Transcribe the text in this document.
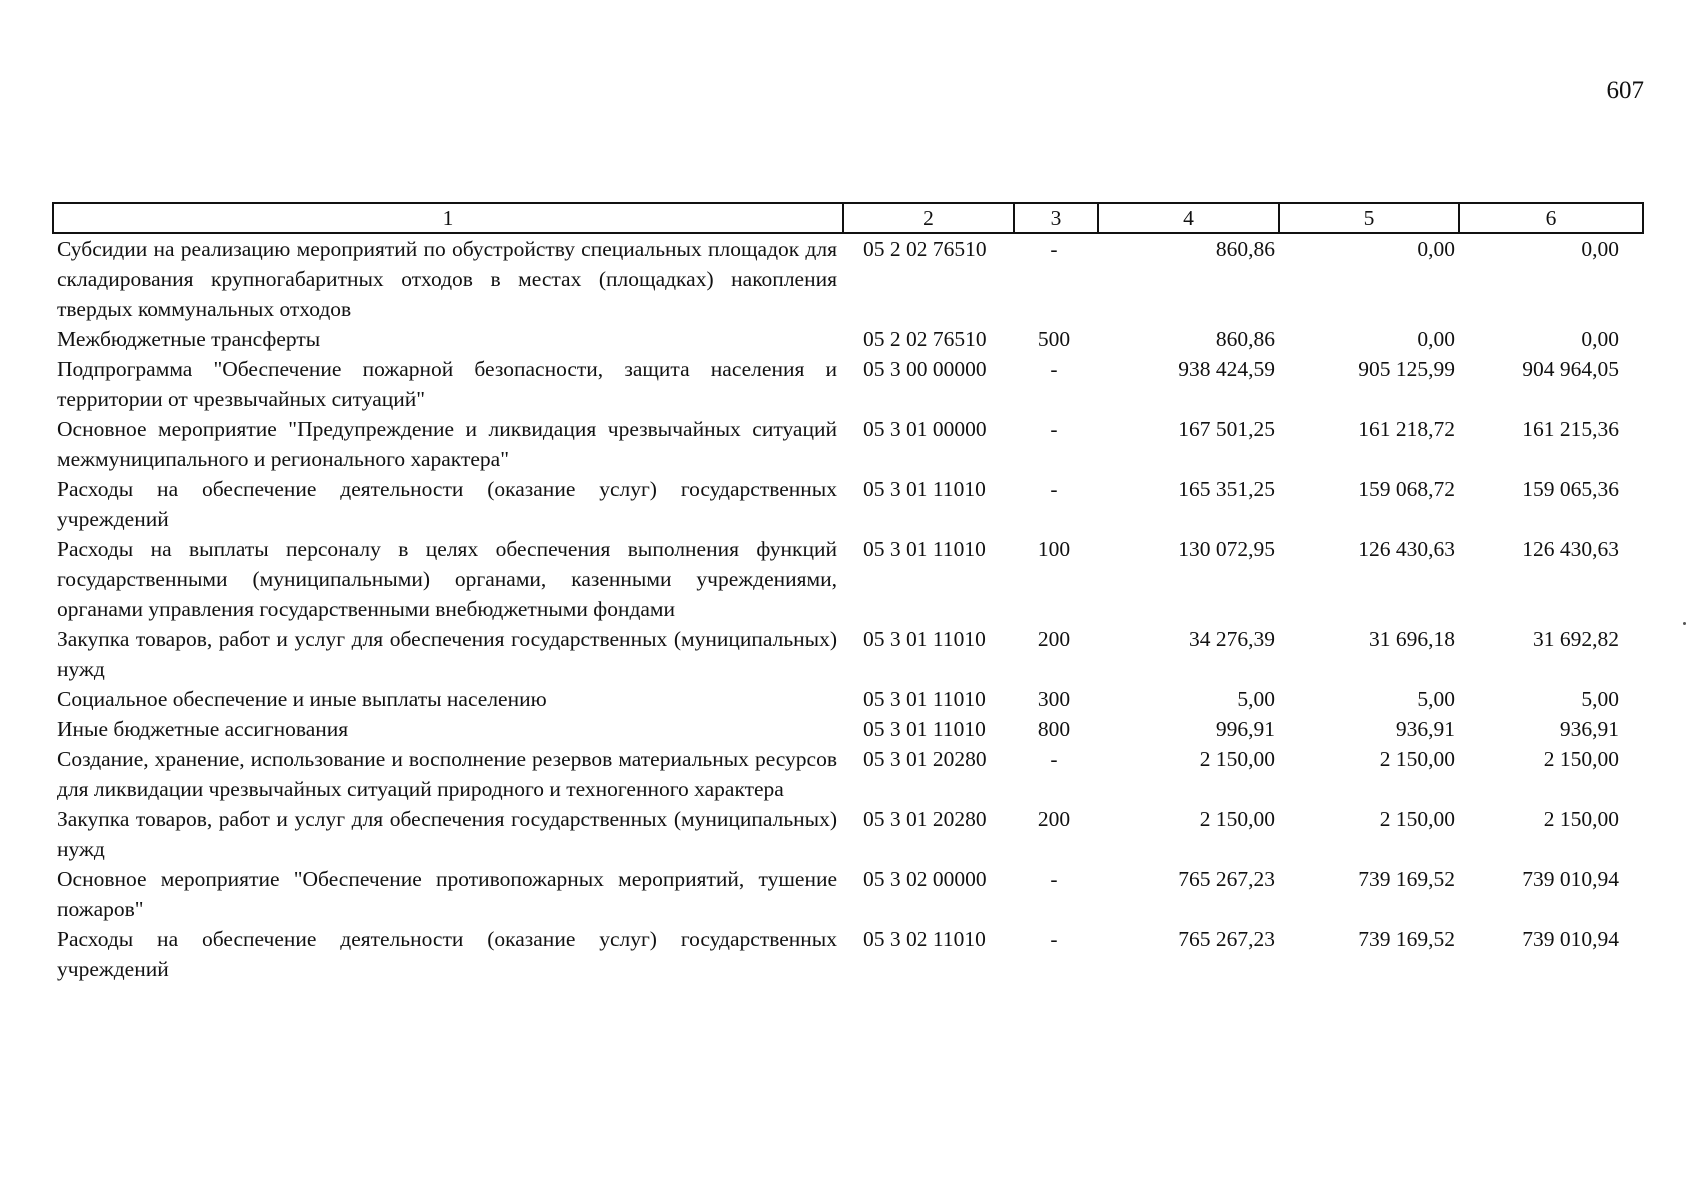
607
1	2	3	4	5	6
Субсидии на реализацию мероприятий по обустройству специальных площадок для складирования крупногабаритных отходов в местах (площадках) накопления твердых коммунальных отходов	05 2 02 76510	-	860,86	0,00	0,00
Межбюджетные трансферты	05 2 02 76510	500	860,86	0,00	0,00
Подпрограмма "Обеспечение пожарной безопасности, защита населения и территории от чрезвычайных ситуаций"	05 3 00 00000	-	938 424,59	905 125,99	904 964,05
Основное мероприятие "Предупреждение и ликвидация чрезвычайных ситуаций межмуниципального и регионального характера"	05 3 01 00000	-	167 501,25	161 218,72	161 215,36
Расходы на обеспечение деятельности (оказание услуг) государственных учреждений	05 3 01 11010	-	165 351,25	159 068,72	159 065,36
Расходы на выплаты персоналу в целях обеспечения выполнения функций государственными (муниципальными) органами, казенными учреждениями, органами управления государственными внебюджетными фондами	05 3 01 11010	100	130 072,95	126 430,63	126 430,63
Закупка товаров, работ и услуг для обеспечения государственных (муниципальных) нужд	05 3 01 11010	200	34 276,39	31 696,18	31 692,82
Социальное обеспечение и иные выплаты населению	05 3 01 11010	300	5,00	5,00	5,00
Иные бюджетные ассигнования	05 3 01 11010	800	996,91	936,91	936,91
Создание, хранение, использование и восполнение резервов материальных ресурсов для ликвидации чрезвычайных ситуаций природного и техногенного характера	05 3 01 20280	-	2 150,00	2 150,00	2 150,00
Закупка товаров, работ и услуг для обеспечения государственных (муниципальных) нужд	05 3 01 20280	200	2 150,00	2 150,00	2 150,00
Основное мероприятие "Обеспечение противопожарных мероприятий, тушение пожаров"	05 3 02 00000	-	765 267,23	739 169,52	739 010,94
Расходы на обеспечение деятельности (оказание услуг) государственных учреждений	05 3 02 11010	-	765 267,23	739 169,52	739 010,94
